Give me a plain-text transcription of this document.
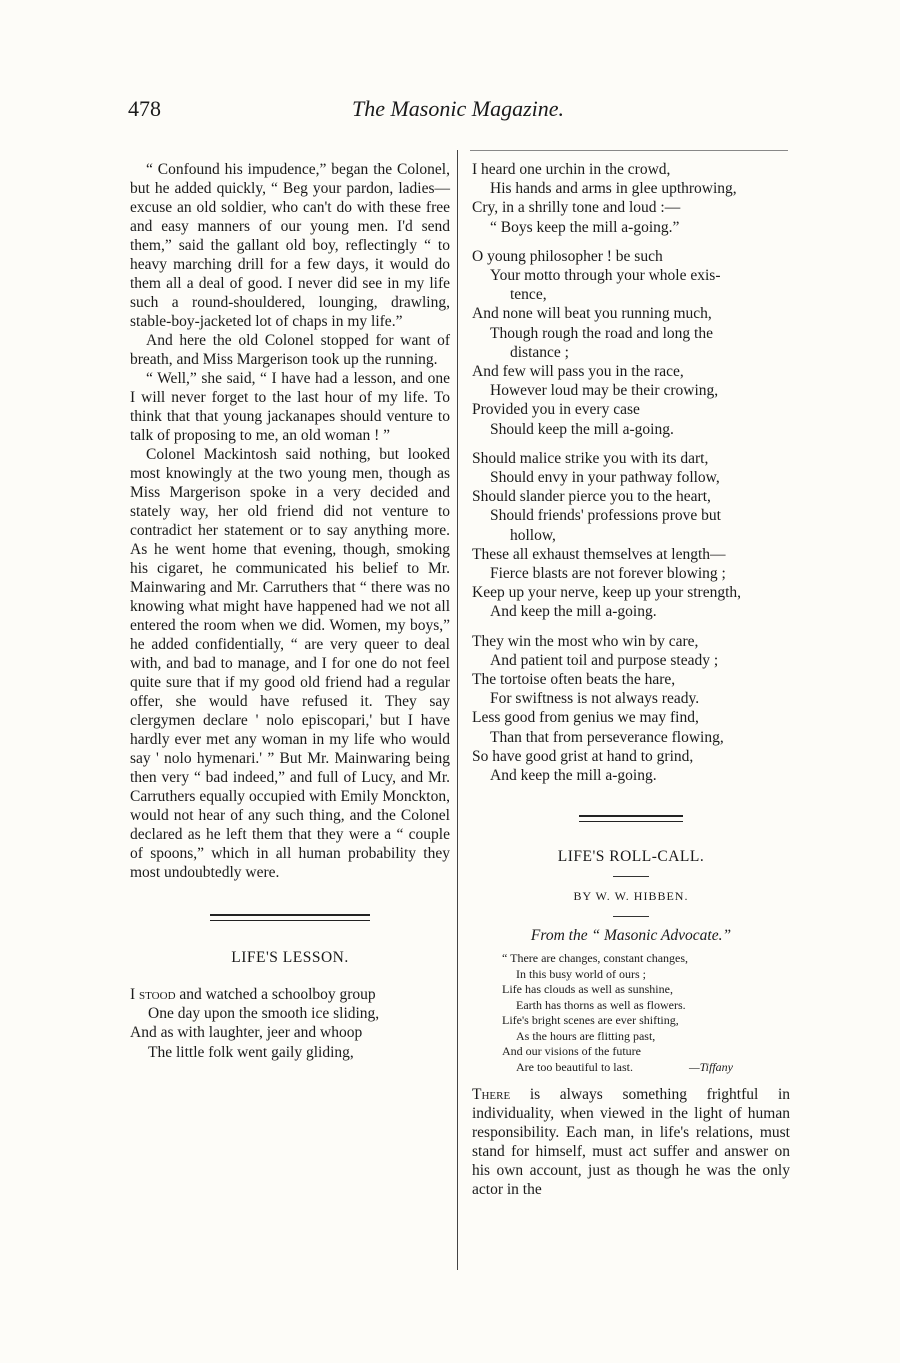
478	The Masonic Magazine.

“ Confound his impudence,” began the Colonel, but he added quickly, “ Beg your pardon, ladies—excuse an old soldier, who can't do with these free and easy manners of our young men. I'd send them,” said the gallant old boy, reflectingly “ to heavy marching drill for a few days, it would do them all a deal of good. I never did see in my life such a round-shouldered, lounging, drawling, stable-boy-jacketed lot of chaps in my life.”

And here the old Colonel stopped for want of breath, and Miss Margerison took up the running.

“ Well,” she said, “ I have had a lesson, and one I will never forget to the last hour of my life. To think that that young jackanapes should venture to talk of proposing to me, an old woman ! ”

Colonel Mackintosh said nothing, but looked most knowingly at the two young men, though as Miss Margerison spoke in a very decided and stately way, her old friend did not venture to contradict her statement or to say anything more. As he went home that evening, though, smoking his cigaret, he communicated his belief to Mr. Mainwaring and Mr. Carruthers that “ there was no knowing what might have happened had we not all entered the room when we did. Women, my boys,” he added confidentially, “ are very queer to deal with, and bad to manage, and I for one do not feel quite sure that if my good old friend had a regular offer, she would have refused it. They say clergymen declare ' nolo episcopari,' but I have hardly ever met any woman in my life who would say ' nolo hymenari.' ” But Mr. Mainwaring being then very “ bad indeed,” and full of Lucy, and Mr. Carruthers equally occupied with Emily Monckton, would not hear of any such thing, and the Colonel declared as he left them that they were a “ couple of spoons,” which in all human probability they most undoubtedly were.

LIFE'S LESSON.
I stood and watched a schoolboy group
One day upon the smooth ice sliding,
And as with laughter, jeer and whoop
The little folk went gaily gliding,
I heard one urchin in the crowd,
His hands and arms in glee upthrowing,
Cry, in a shrilly tone and loud :—
“ Boys keep the mill a-going.”
O young philosopher ! be such
Your motto through your whole exis-
tence,
And none will beat you running much,
Though rough the road and long the
distance ;
And few will pass you in the race,
However loud may be their crowing,
Provided you in every case
Should keep the mill a-going.
Should malice strike you with its dart,
Should envy in your pathway follow,
Should slander pierce you to the heart,
Should friends' professions prove but
hollow,
These all exhaust themselves at length—
Fierce blasts are not forever blowing ;
Keep up your nerve, keep up your strength,
And keep the mill a-going.
They win the most who win by care,
And patient toil and purpose steady ;
The tortoise often beats the hare,
For swiftness is not always ready.
Less good from genius we may find,
Than that from perseverance flowing,
So have good grist at hand to grind,
And keep the mill a-going.
LIFE'S ROLL-CALL.
BY W. W. HIBBEN.
From the “ Masonic Advocate.”
“ There are changes, constant changes,
In this busy world of ours ;
Life has clouds as well as sunshine,
Earth has thorns as well as flowers.
Life's bright scenes are ever shifting,
As the hours are flitting past,
And our visions of the future
Are too beautiful to last.	—Tiffany

There is always something frightful in individuality, when viewed in the light of human responsibility. Each man, in life's relations, must stand for himself, must act suffer and answer on his own account, just as though he was the only actor in the
